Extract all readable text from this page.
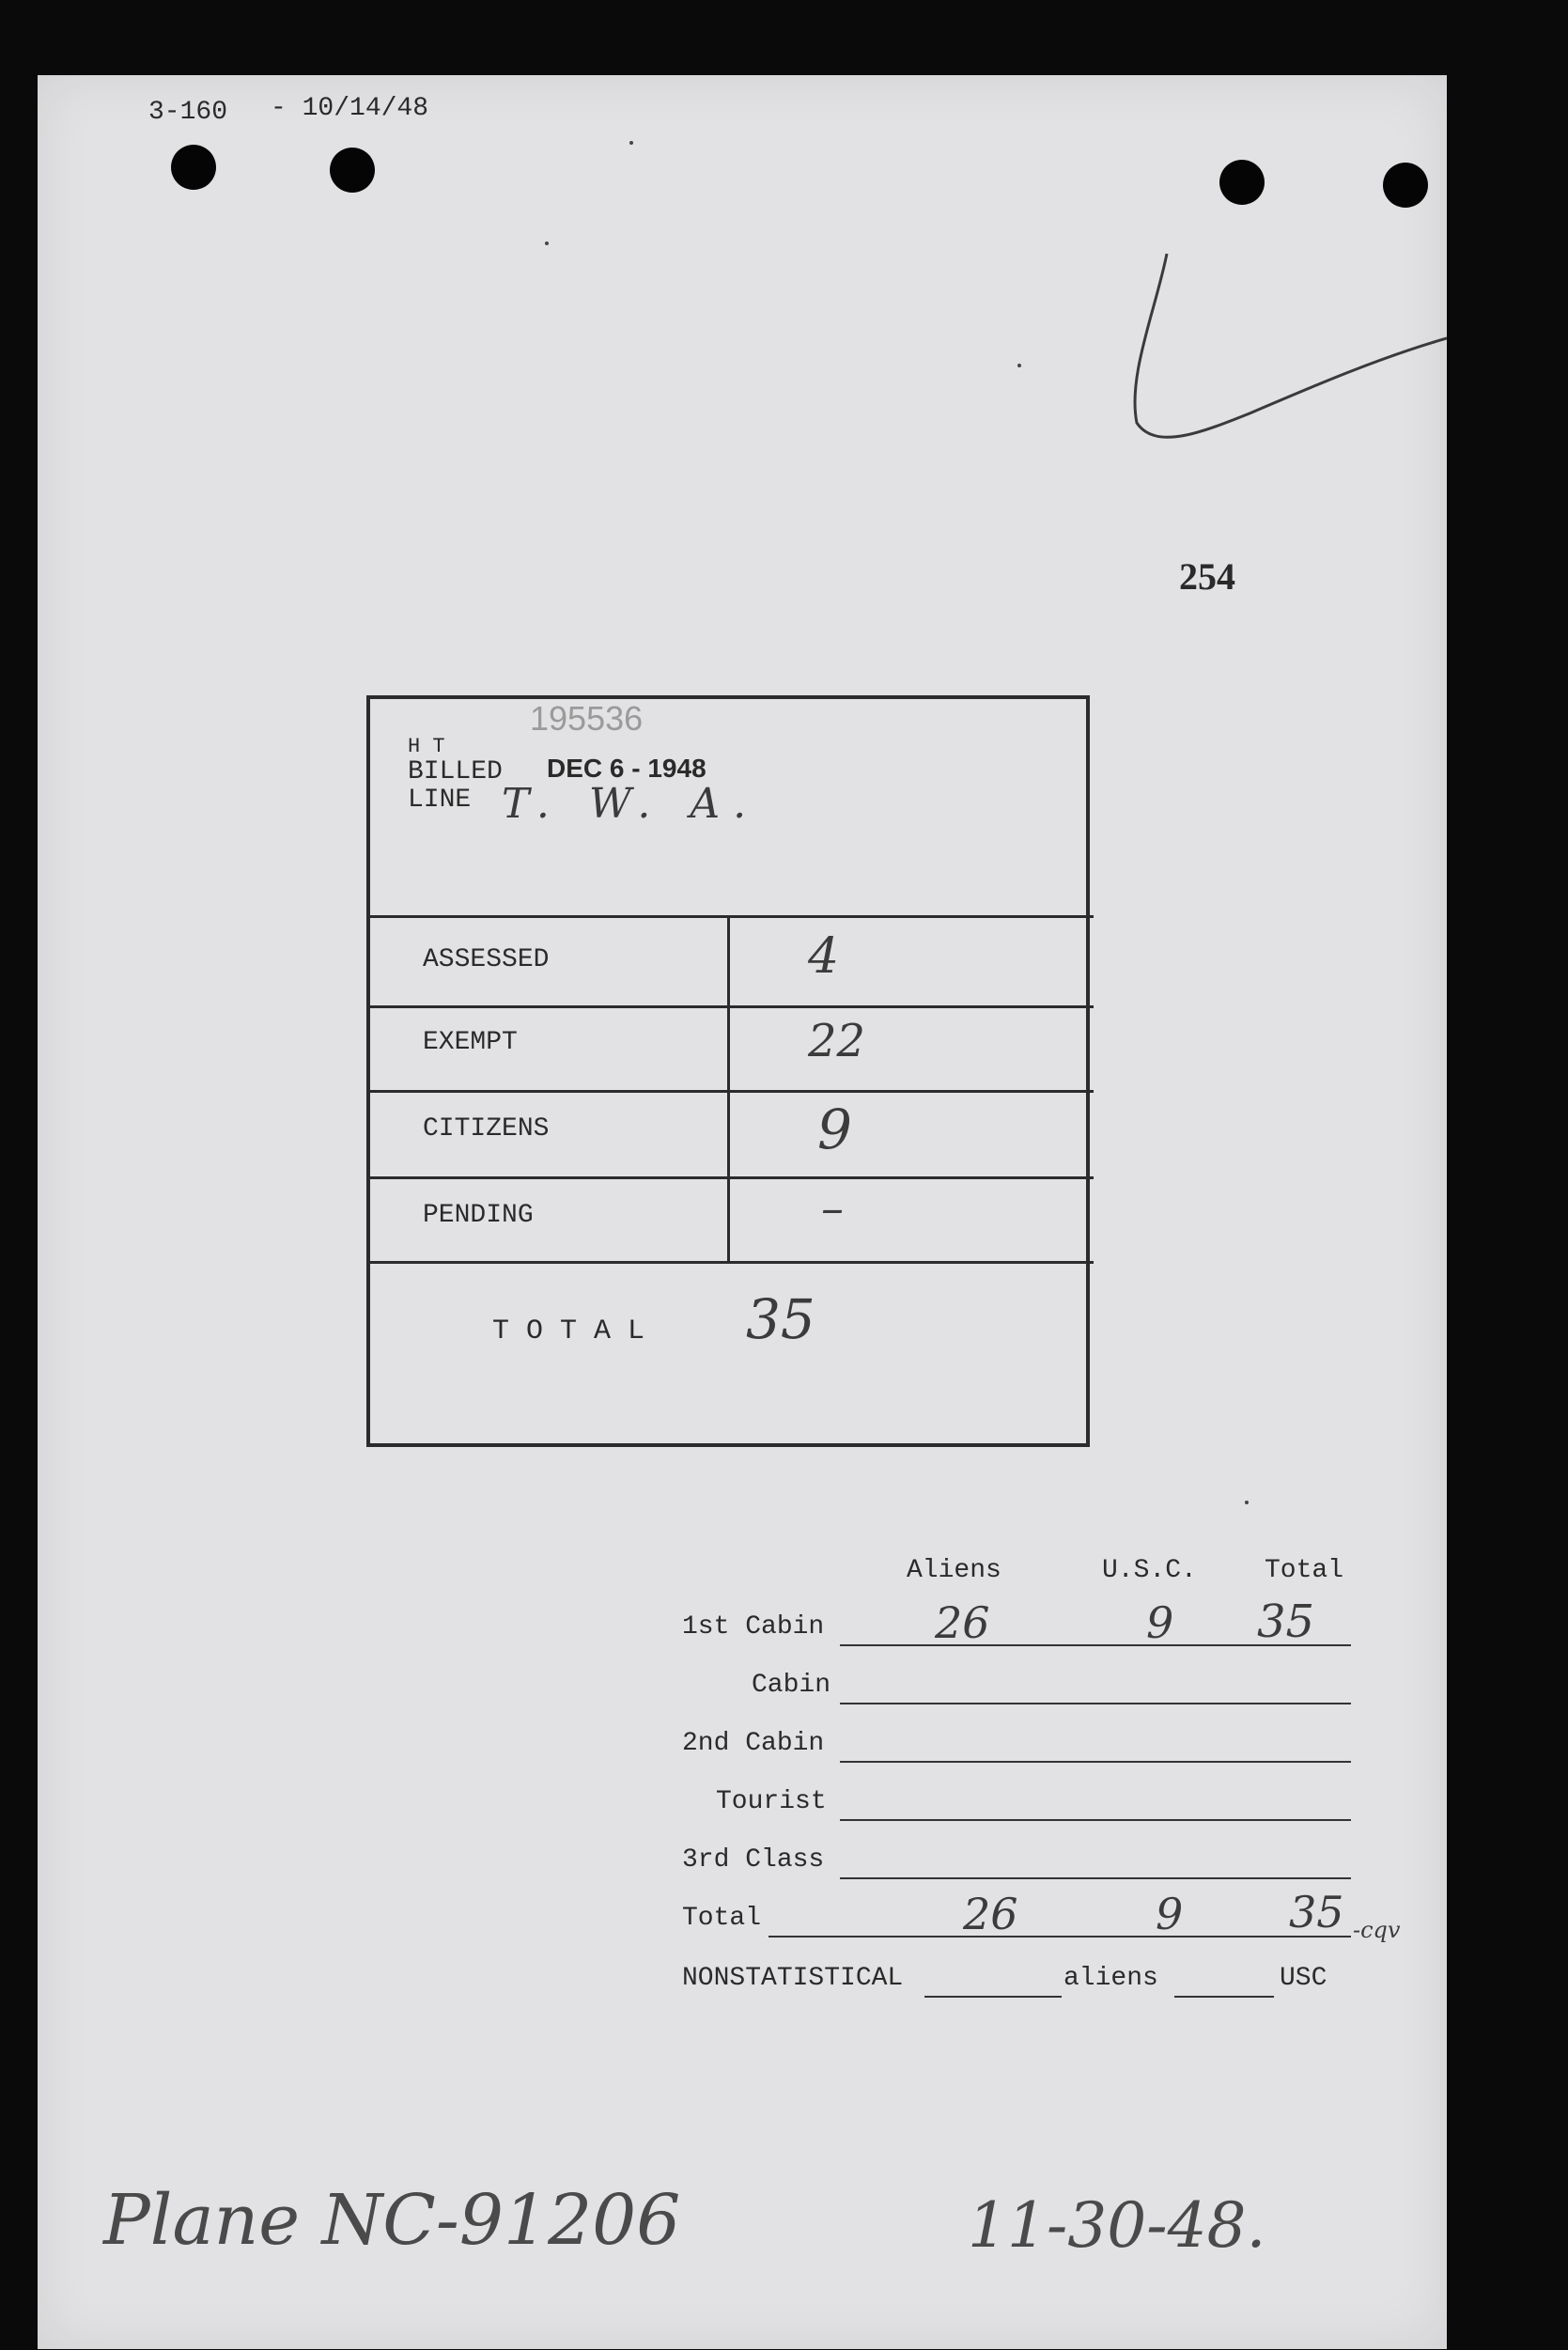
3-160 - 10/14/48
254
195536
H T
BILLED DEC 6 - 1948
LINE T. W. A.
ASSESSED	4
EXEMPT	22
CITIZENS	9
PENDING	–
T O T A L 35
Aliens	U.S.C.	Total
1st Cabin	26	9 35
Cabin
2nd Cabin
Tourist
3rd Class
Total	26	9 35 -cqv
NONSTATISTICAL	aliens	USC
Plane NC-91206	11-30-48.
